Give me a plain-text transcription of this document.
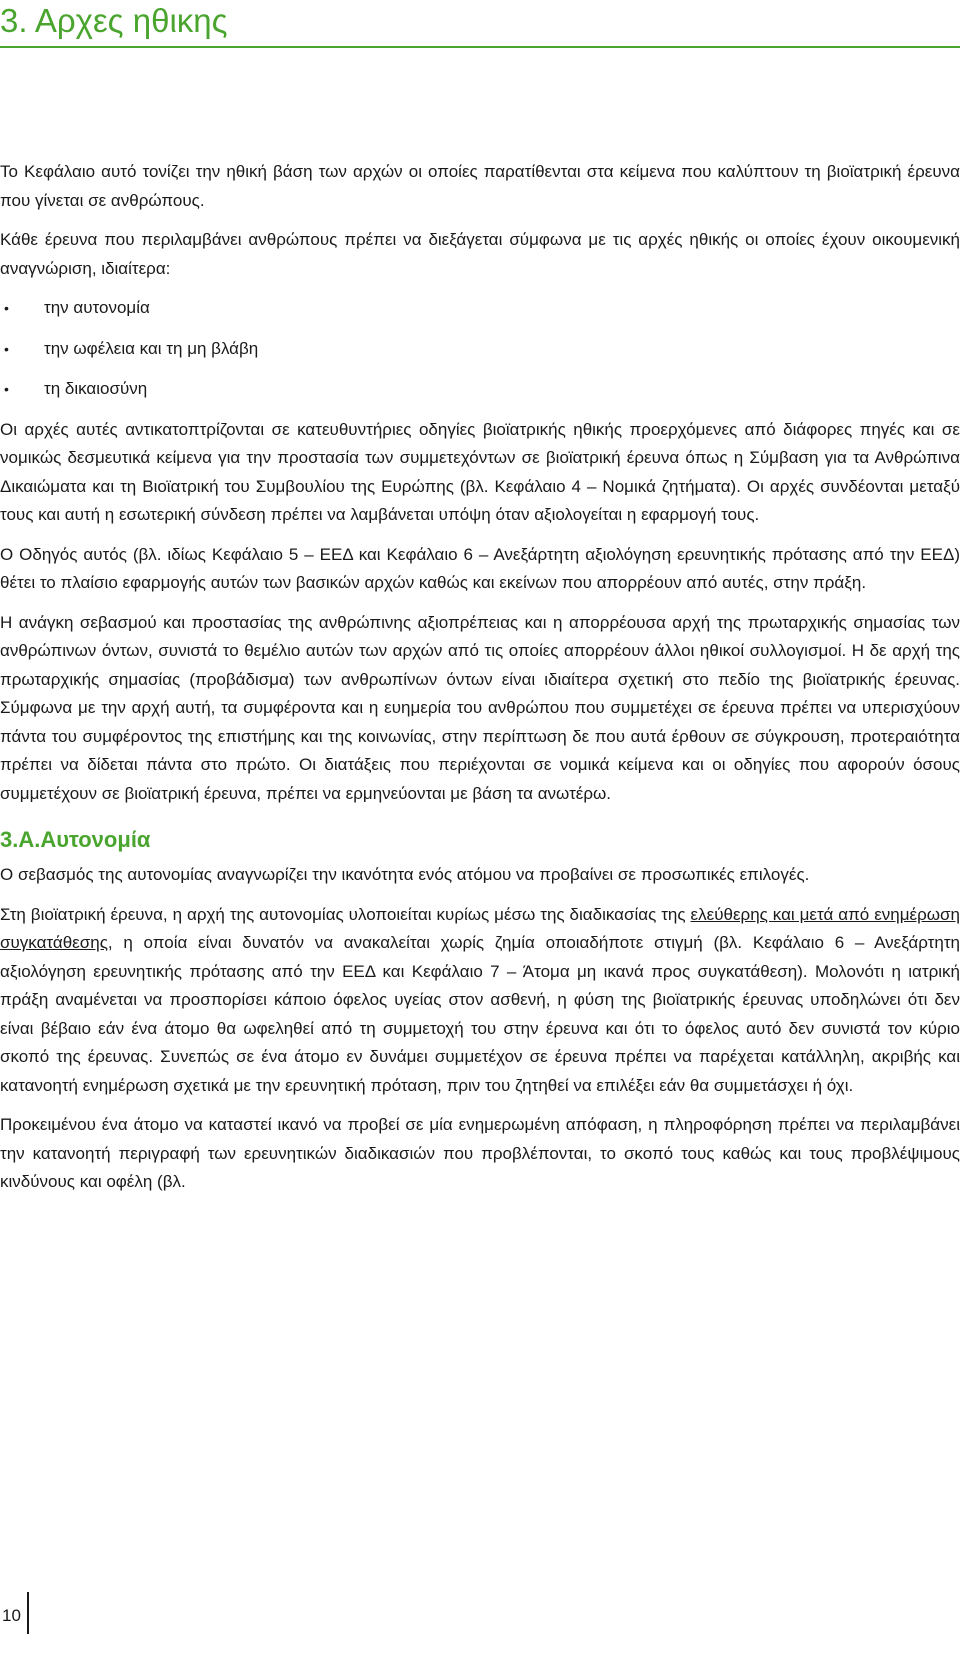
3. Αρχες ηθικης

Το Κεφάλαιο αυτό τονίζει την ηθική βάση των αρχών οι οποίες παρατίθενται στα κείμενα που καλύπτουν τη βιοϊατρική έρευνα που γίνεται σε ανθρώπους.

Κάθε έρευνα που περιλαμβάνει ανθρώπους πρέπει να διεξάγεται σύμφωνα με τις αρχές ηθικής οι οποίες έχουν οικουμενική αναγνώριση, ιδιαίτερα:

• την αυτονομία
• την ωφέλεια και τη μη βλάβη
• τη δικαιοσύνη

Οι αρχές αυτές αντικατοπτρίζονται σε κατευθυντήριες οδηγίες βιοϊατρικής ηθικής προερχόμενες από διάφορες πηγές και σε νομικώς δεσμευτικά κείμενα για την προστασία των συμμετεχόντων σε βιοϊατρική έρευνα όπως η Σύμβαση για τα Ανθρώπινα Δικαιώματα και τη Βιοϊατρική του Συμβουλίου της Ευρώπης (βλ. Κεφάλαιο 4 – Νομικά ζητήματα). Οι αρχές συνδέονται μεταξύ τους και αυτή η εσωτερική σύνδεση πρέπει να λαμβάνεται υπόψη όταν αξιολογείται η εφαρμογή τους.

Ο Οδηγός αυτός (βλ. ιδίως Κεφάλαιο 5 – ΕΕΔ και Κεφάλαιο 6 – Ανεξάρτητη αξιολόγηση ερευνητικής πρότασης από την ΕΕΔ) θέτει το πλαίσιο εφαρμογής αυτών των βασικών αρχών καθώς και εκείνων που απορρέουν από αυτές, στην πράξη.

Η ανάγκη σεβασμού και προστασίας της ανθρώπινης αξιοπρέπειας και η απορρέουσα αρχή της πρωταρχικής σημασίας των ανθρώπινων όντων, συνιστά το θεμέλιο αυτών των αρχών από τις οποίες απορρέουν άλλοι ηθικοί συλλογισμοί. Η δε αρχή της πρωταρχικής σημασίας (προβάδισμα) των ανθρωπίνων όντων είναι ιδιαίτερα σχετική στο πεδίο της βιοϊατρικής έρευνας. Σύμφωνα με την αρχή αυτή, τα συμφέροντα και η ευημερία του ανθρώπου που συμμετέχει σε έρευνα πρέπει να υπερισχύουν πάντα του συμφέροντος της επιστήμης και της κοινωνίας, στην περίπτωση δε που αυτά έρθουν σε σύγκρουση, προτεραιότητα πρέπει να δίδεται πάντα στο πρώτο. Οι διατάξεις που περιέχονται σε νομικά κείμενα και οι οδηγίες που αφορούν όσους συμμετέχουν σε βιοϊατρική έρευνα, πρέπει να ερμηνεύονται με βάση τα ανωτέρω.

3.Α.Αυτονομία

Ο σεβασμός της αυτονομίας αναγνωρίζει την ικανότητα ενός ατόμου να προβαίνει σε προσωπικές επιλογές.

Στη βιοϊατρική έρευνα, η αρχή της αυτονομίας υλοποιείται κυρίως μέσω της διαδικασίας της ελεύθερης και μετά από ενημέρωση συγκατάθεσης, η οποία είναι δυνατόν να ανακαλείται χωρίς ζημία οποιαδήποτε στιγμή (βλ. Κεφάλαιο 6 – Ανεξάρτητη αξιολόγηση ερευνητικής πρότασης από την ΕΕΔ και Κεφάλαιο 7 – Άτομα μη ικανά προς συγκατάθεση). Μολονότι η ιατρική πράξη αναμένεται να προσπορίσει κάποιο όφελος υγείας στον ασθενή, η φύση της βιοϊατρικής έρευνας υποδηλώνει ότι δεν είναι βέβαιο εάν ένα άτομο θα ωφεληθεί από τη συμμετοχή του στην έρευνα και ότι το όφελος αυτό δεν συνιστά τον κύριο σκοπό της έρευνας. Συνεπώς σε ένα άτομο εν δυνάμει συμμετέχον σε έρευνα πρέπει να παρέχεται κατάλληλη, ακριβής και κατανοητή ενημέρωση σχετικά με την ερευνητική πρόταση, πριν του ζητηθεί να επιλέξει εάν θα συμμετάσχει ή όχι.

Προκειμένου ένα άτομο να καταστεί ικανό να προβεί σε μία ενημερωμένη απόφαση, η πληροφόρηση πρέπει να περιλαμβάνει την κατανοητή περιγραφή των ερευνητικών διαδικασιών που προβλέπονται, το σκοπό τους καθώς και τους προβλέψιμους κινδύνους και οφέλη (βλ.

10
